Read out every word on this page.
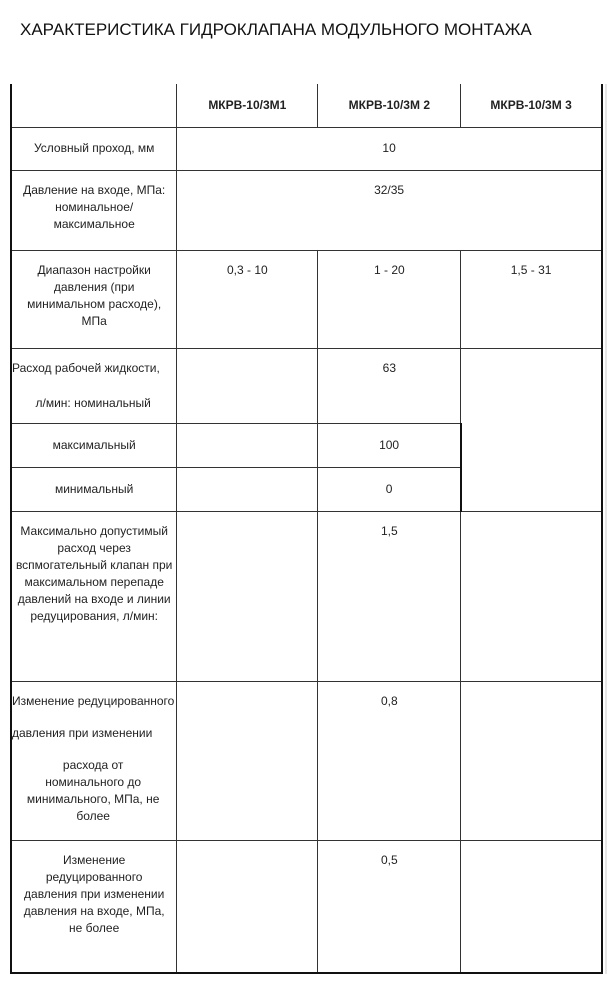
ХАРАКТЕРИСТИКА ГИДРОКЛАПАНА МОДУЛЬНОГО МОНТАЖА
	МКРВ-10/3М1	МКРВ-10/3М 2	МКРВ-10/3М 3
Условный проход, мм	10		
Давление на входе, МПа: номинальное/ максимальное	32/35		
Диапазон настройки давления (при минимальном расходе), МПа	0,3 - 10	1 - 20	1,5 - 31

Расход рабочей жидкости,
л/мин: номинальный		63	
максимальный		100	
минимальный		0	
Максимально допустимый расход через вспмогательный клапан при максимальном перепаде давлений на входе и линии редуцирования, л/мин:		1,5	

Изменение редуцированного
давления при изменении
расхода от номинального до минимального, МПа, не более		0,8	
Изменение редуцированного давления при изменении давления на входе, МПа, не более		0,5	
